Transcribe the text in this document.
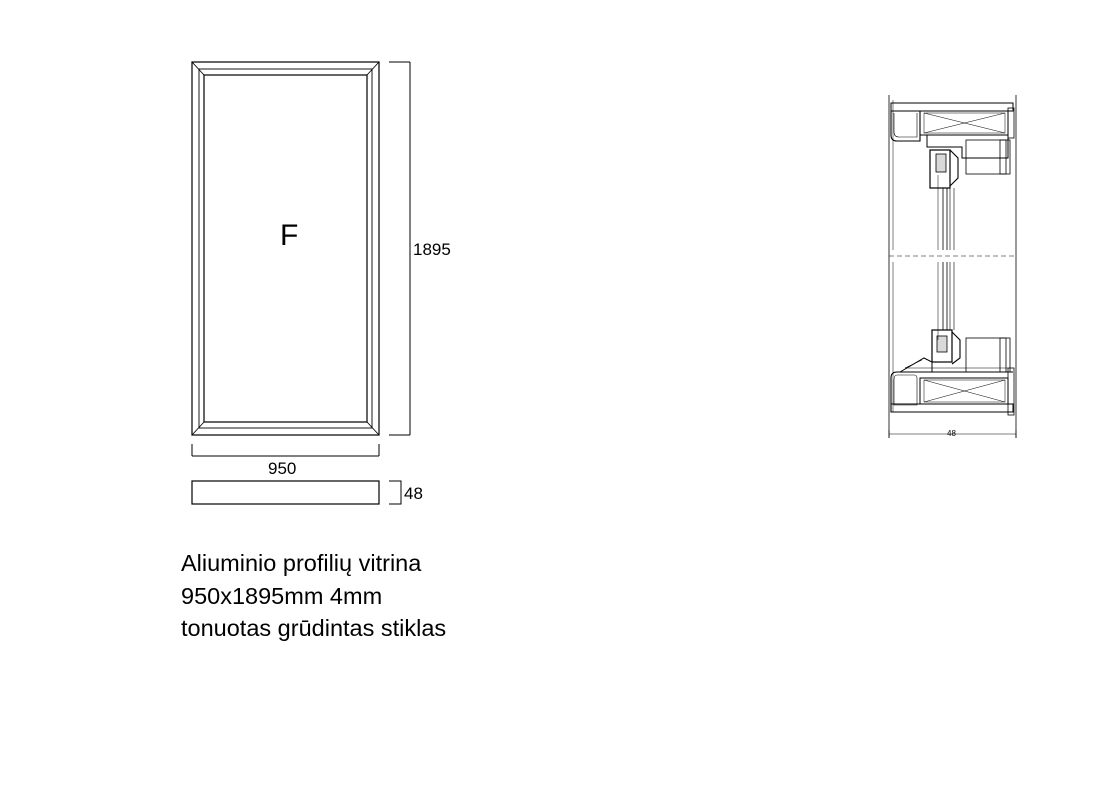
F	1895
950
48
48
Aliuminio profilių vitrina
950x1895mm 4mm
tonuotas grūdintas stiklas
